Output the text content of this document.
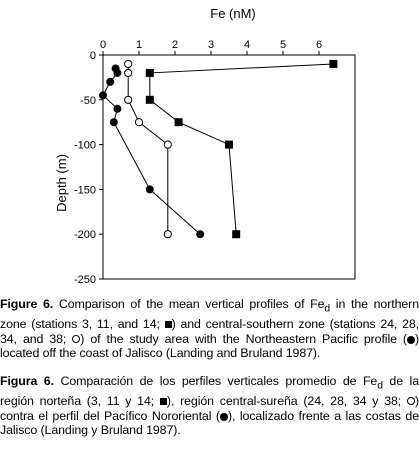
0	1	2	3	4	5	6
0
-50
-100
-150
-200
-250
Fe (nM)
Depth (m)
Figure 6. Comparison of the mean vertical profiles of $Fe_d$ in the northern zone (stations 3, 11, and 14; ) and central-southern zone (stations 24, 28, 34, and 38; ) of the study area with the Northeastern Pacific profile ( ) located off the coast of Jalisco (Landing and Bruland 1987).
Figura 6. Comparación de los perfiles verticales promedio de $Fe_d$ de la región norteña (3, 11 y 14; ), región central-sureña (24, 28, 34 y 38; ) contra el perfil del Pacífico Nororiental ( ), localizado frente a las costas de Jalisco (Landing y Bruland 1987).
